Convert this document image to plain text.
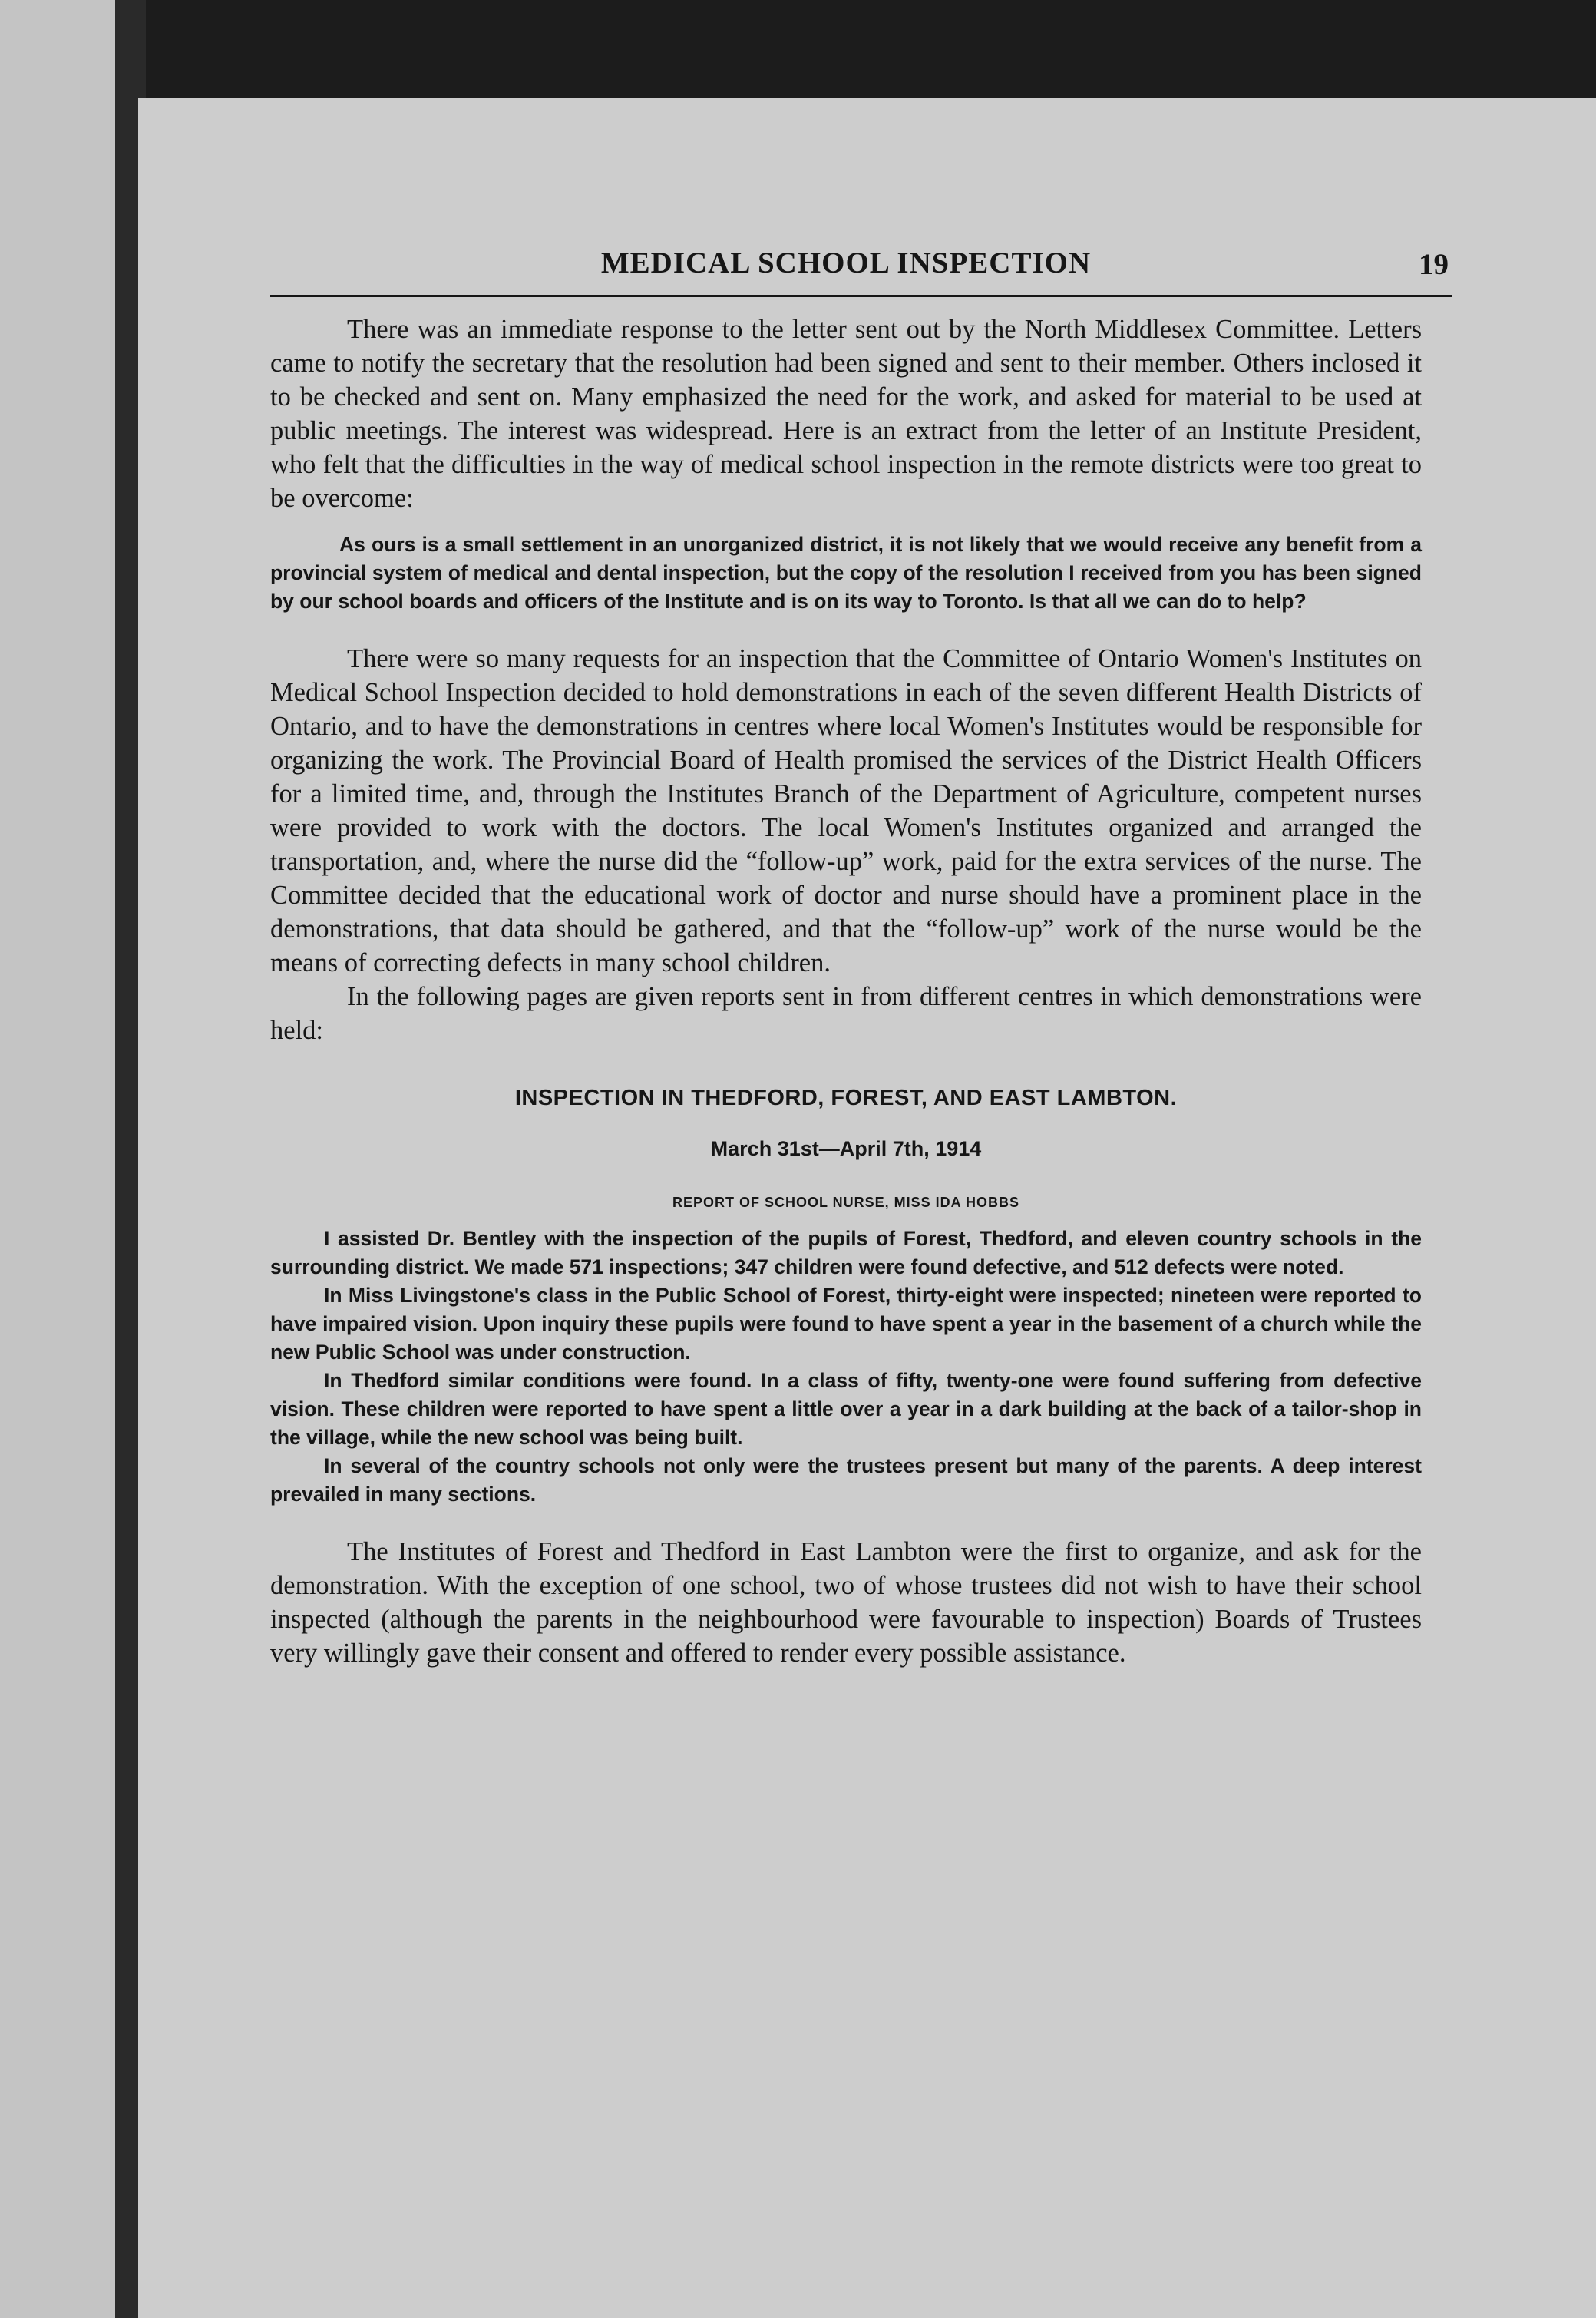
MEDICAL SCHOOL INSPECTION	19

There was an immediate response to the letter sent out by the North Middlesex Committee. Letters came to notify the secretary that the resolution had been signed and sent to their member. Others inclosed it to be checked and sent on. Many emphasized the need for the work, and asked for material to be used at public meetings. The interest was widespread. Here is an extract from the letter of an Institute President, who felt that the difficulties in the way of medical school inspection in the remote districts were too great to be overcome:

As ours is a small settlement in an unorganized district, it is not likely that we would receive any benefit from a provincial system of medical and dental inspection, but the copy of the resolution I received from you has been signed by our school boards and officers of the Institute and is on its way to Toronto. Is that all we can do to help?

There were so many requests for an inspection that the Committee of Ontario Women's Institutes on Medical School Inspection decided to hold demonstrations in each of the seven different Health Districts of Ontario, and to have the demonstrations in centres where local Women's Institutes would be responsible for organizing the work. The Provincial Board of Health promised the services of the District Health Officers for a limited time, and, through the Institutes Branch of the Department of Agriculture, competent nurses were provided to work with the doctors. The local Women's Institutes organized and arranged the transportation, and, where the nurse did the “follow-up” work, paid for the extra services of the nurse. The Committee decided that the educational work of doctor and nurse should have a prominent place in the demonstrations, that data should be gathered, and that the “follow-up” work of the nurse would be the means of correcting defects in many school children.

In the following pages are given reports sent in from different centres in which demonstrations were held:

INSPECTION IN THEDFORD, FOREST, AND EAST LAMBTON.
March 31st—April 7th, 1914
REPORT OF SCHOOL NURSE, MISS IDA HOBBS

I assisted Dr. Bentley with the inspection of the pupils of Forest, Thedford, and eleven country schools in the surrounding district. We made 571 inspections; 347 children were found defective, and 512 defects were noted.

In Miss Livingstone's class in the Public School of Forest, thirty-eight were inspected; nineteen were reported to have impaired vision. Upon inquiry these pupils were found to have spent a year in the basement of a church while the new Public School was under construction.

In Thedford similar conditions were found. In a class of fifty, twenty-one were found suffering from defective vision. These children were reported to have spent a little over a year in a dark building at the back of a tailor-shop in the village, while the new school was being built.

In several of the country schools not only were the trustees present but many of the parents. A deep interest prevailed in many sections.

The Institutes of Forest and Thedford in East Lambton were the first to organize, and ask for the demonstration. With the exception of one school, two of whose trustees did not wish to have their school inspected (although the parents in the neighbourhood were favourable to inspection) Boards of Trustees very willingly gave their consent and offered to render every possible assistance.
